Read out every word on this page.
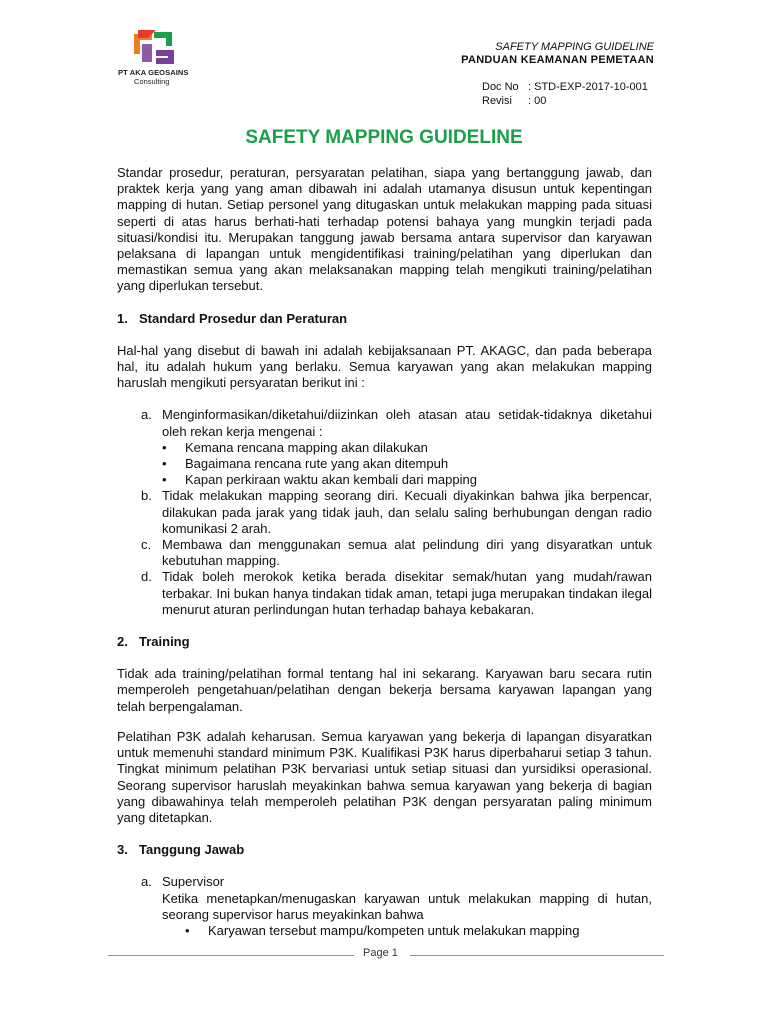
PT AKA GEOSAINS
Consulting
SAFETY MAPPING GUIDELINE
PANDUAN KEAMANAN PEMETAAN
Doc No : STD-EXP-2017-10-001
Revisi : 00
SAFETY MAPPING GUIDELINE

Standar prosedur, peraturan, persyaratan pelatihan, siapa yang bertanggung jawab, dan praktek kerja yang yang aman dibawah ini adalah utamanya disusun untuk kepentingan mapping di hutan. Setiap personel yang ditugaskan untuk melakukan mapping pada situasi seperti di atas harus berhati-hati terhadap potensi bahaya yang mungkin terjadi pada situasi/kondisi itu. Merupakan tanggung jawab bersama antara supervisor dan karyawan pelaksana di lapangan untuk mengidentifikasi training/pelatihan yang diperlukan dan memastikan semua yang akan melaksanakan mapping telah mengikuti training/pelatihan yang diperlukan tersebut.

1. Standard Prosedur dan Peraturan

Hal-hal yang disebut di bawah ini adalah kebijaksanaan PT. AKAGC, dan pada beberapa hal, itu adalah hukum yang berlaku. Semua karyawan yang akan melakukan mapping haruslah mengikuti persyaratan berikut ini :

a. Menginformasikan/diketahui/diizinkan oleh atasan atau setidak-tidaknya diketahui oleh rekan kerja mengenai :
• Kemana rencana mapping akan dilakukan
• Bagaimana rencana rute yang akan ditempuh
• Kapan perkiraan waktu akan kembali dari mapping
b. Tidak melakukan mapping seorang diri. Kecuali diyakinkan bahwa jika berpencar, dilakukan pada jarak yang tidak jauh, dan selalu saling berhubungan dengan radio komunikasi 2 arah.
c. Membawa dan menggunakan semua alat pelindung diri yang disyaratkan untuk kebutuhan mapping.
d. Tidak boleh merokok ketika berada disekitar semak/hutan yang mudah/rawan terbakar. Ini bukan hanya tindakan tidak aman, tetapi juga merupakan tindakan ilegal menurut aturan perlindungan hutan terhadap bahaya kebakaran.
2. Training

Tidak ada training/pelatihan formal tentang hal ini sekarang. Karyawan baru secara rutin memperoleh pengetahuan/pelatihan dengan bekerja bersama karyawan lapangan yang telah berpengalaman.

Pelatihan P3K adalah keharusan. Semua karyawan yang bekerja di lapangan disyaratkan untuk memenuhi standard minimum P3K. Kualifikasi P3K harus diperbaharui setiap 3 tahun. Tingkat minimum pelatihan P3K bervariasi untuk setiap situasi dan yursidiksi operasional. Seorang supervisor haruslah meyakinkan bahwa semua karyawan yang bekerja di bagian yang dibawahinya telah memperoleh pelatihan P3K dengan persyaratan paling minimum yang ditetapkan.

3. Tanggung Jawab
a. Supervisor
Ketika menetapkan/menugaskan karyawan untuk melakukan mapping di hutan, seorang supervisor harus meyakinkan bahwa
• Karyawan tersebut mampu/kompeten untuk melakukan mapping
Page 1
